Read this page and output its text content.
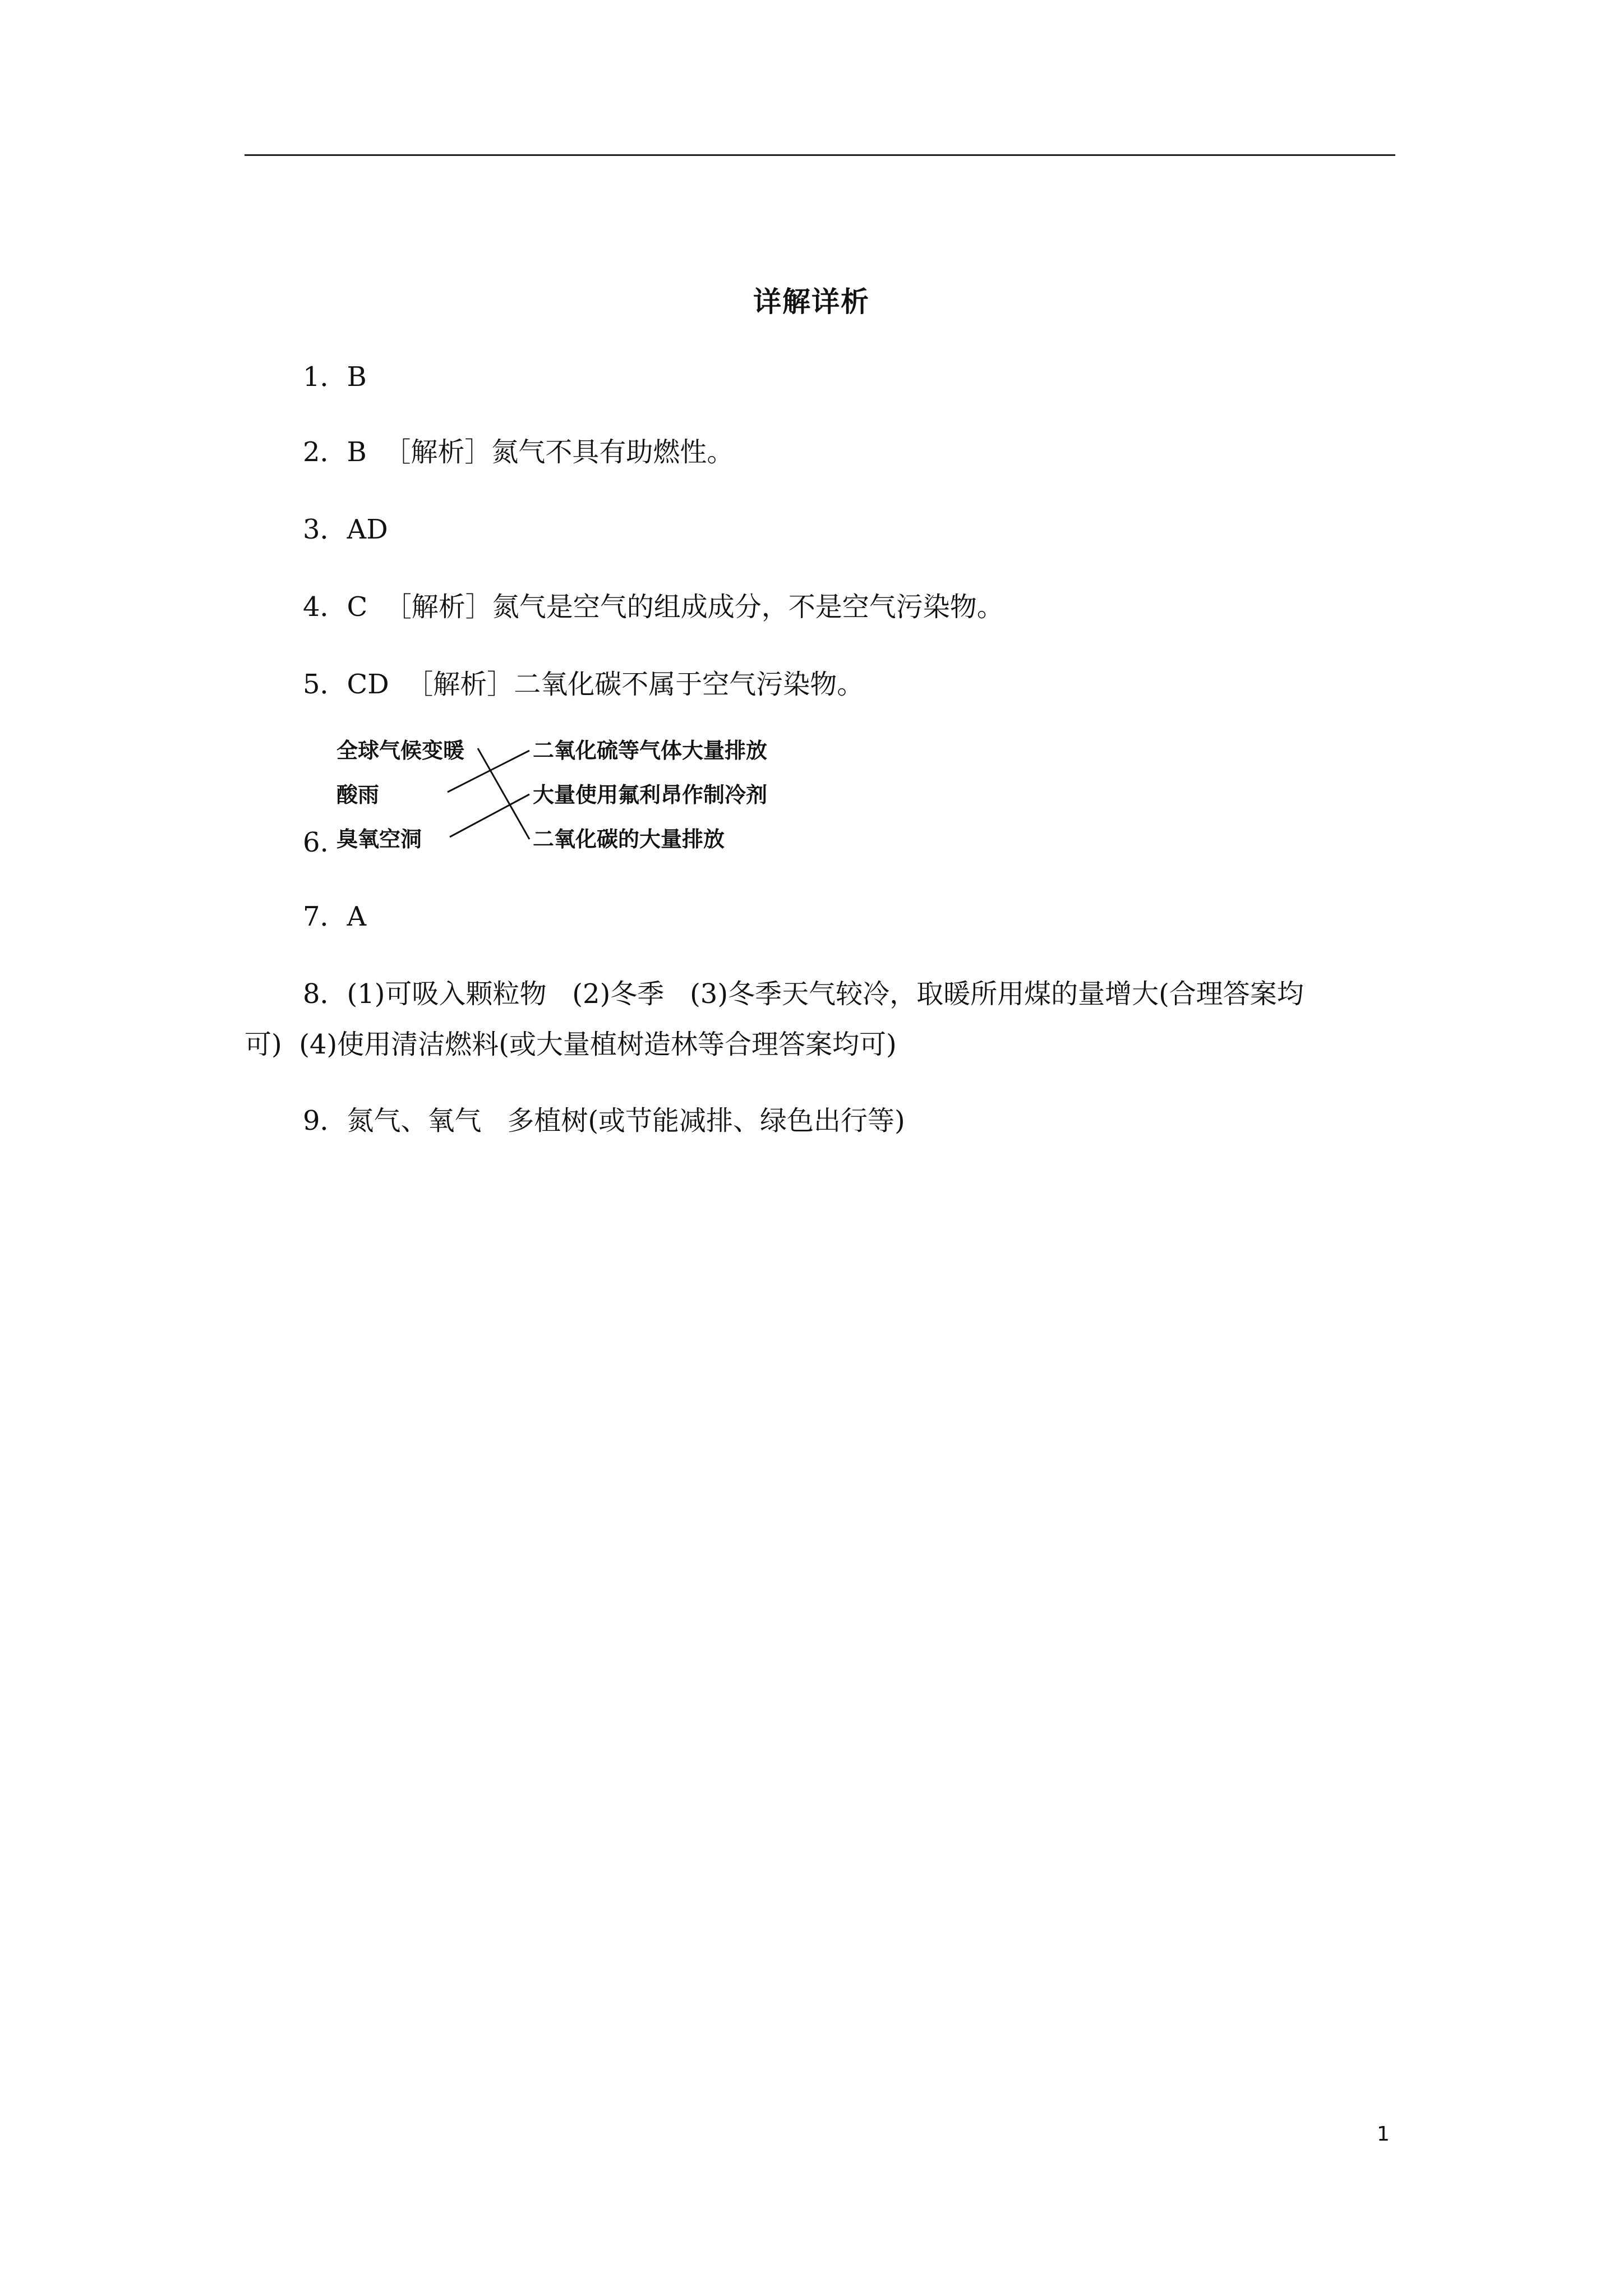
详解详析
1．B
2．B  ［解析］氮气不具有助燃性。
3．AD
4．C  ［解析］氮气是空气的组成成分，不是空气污染物。
5．CD  ［解析］二氧化碳不属于空气污染物。
6.
全球气候变暖
酸雨
臭氧空洞
二氧化硫等气体大量排放
大量使用氟利昂作制冷剂
二氧化碳的大量排放
7．A
8．(1)可吸入颗粒物   (2)冬季   (3)冬季天气较冷，取暖所用煤的量增大(合理答案均
可)  (4)使用清洁燃料(或大量植树造林等合理答案均可)
9．氮气、氧气   多植树(或节能减排、绿色出行等)
1
